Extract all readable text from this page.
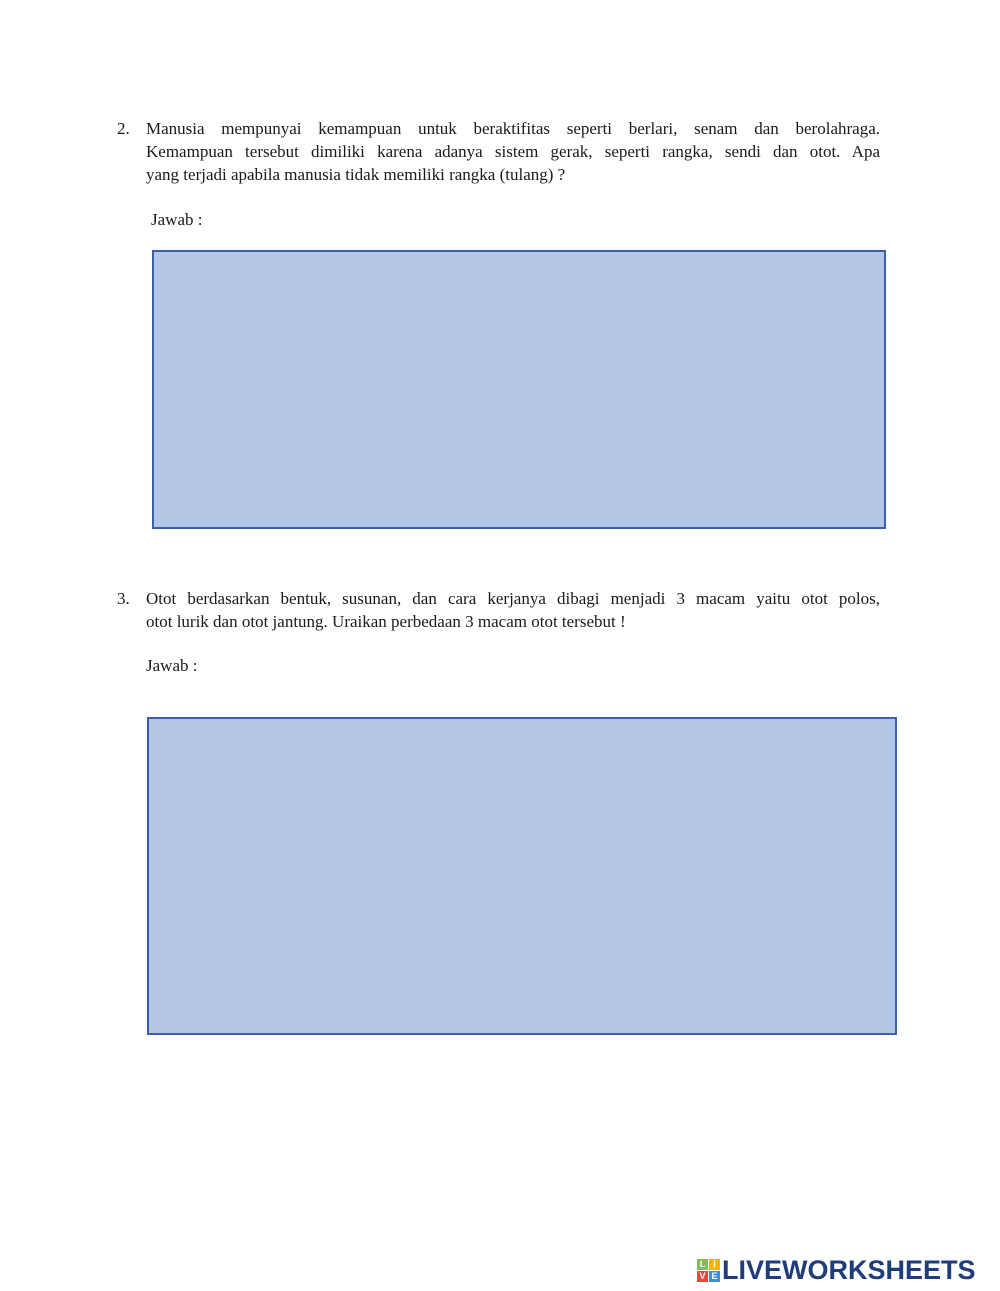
2. Manusia mempunyai kemampuan untuk beraktifitas seperti berlari, senam dan berolahraga.
Kemampuan tersebut dimiliki karena adanya sistem gerak, seperti rangka, sendi dan otot. Apa
yang terjadi apabila manusia tidak memiliki rangka (tulang) ?
Jawab :
3. Otot berdasarkan bentuk, susunan, dan cara kerjanya dibagi menjadi 3 macam yaitu otot polos,
otot lurik dan otot jantung. Uraikan perbedaan 3 macam otot tersebut !
Jawab :
L I
V E LIVEWORKSHEETS
